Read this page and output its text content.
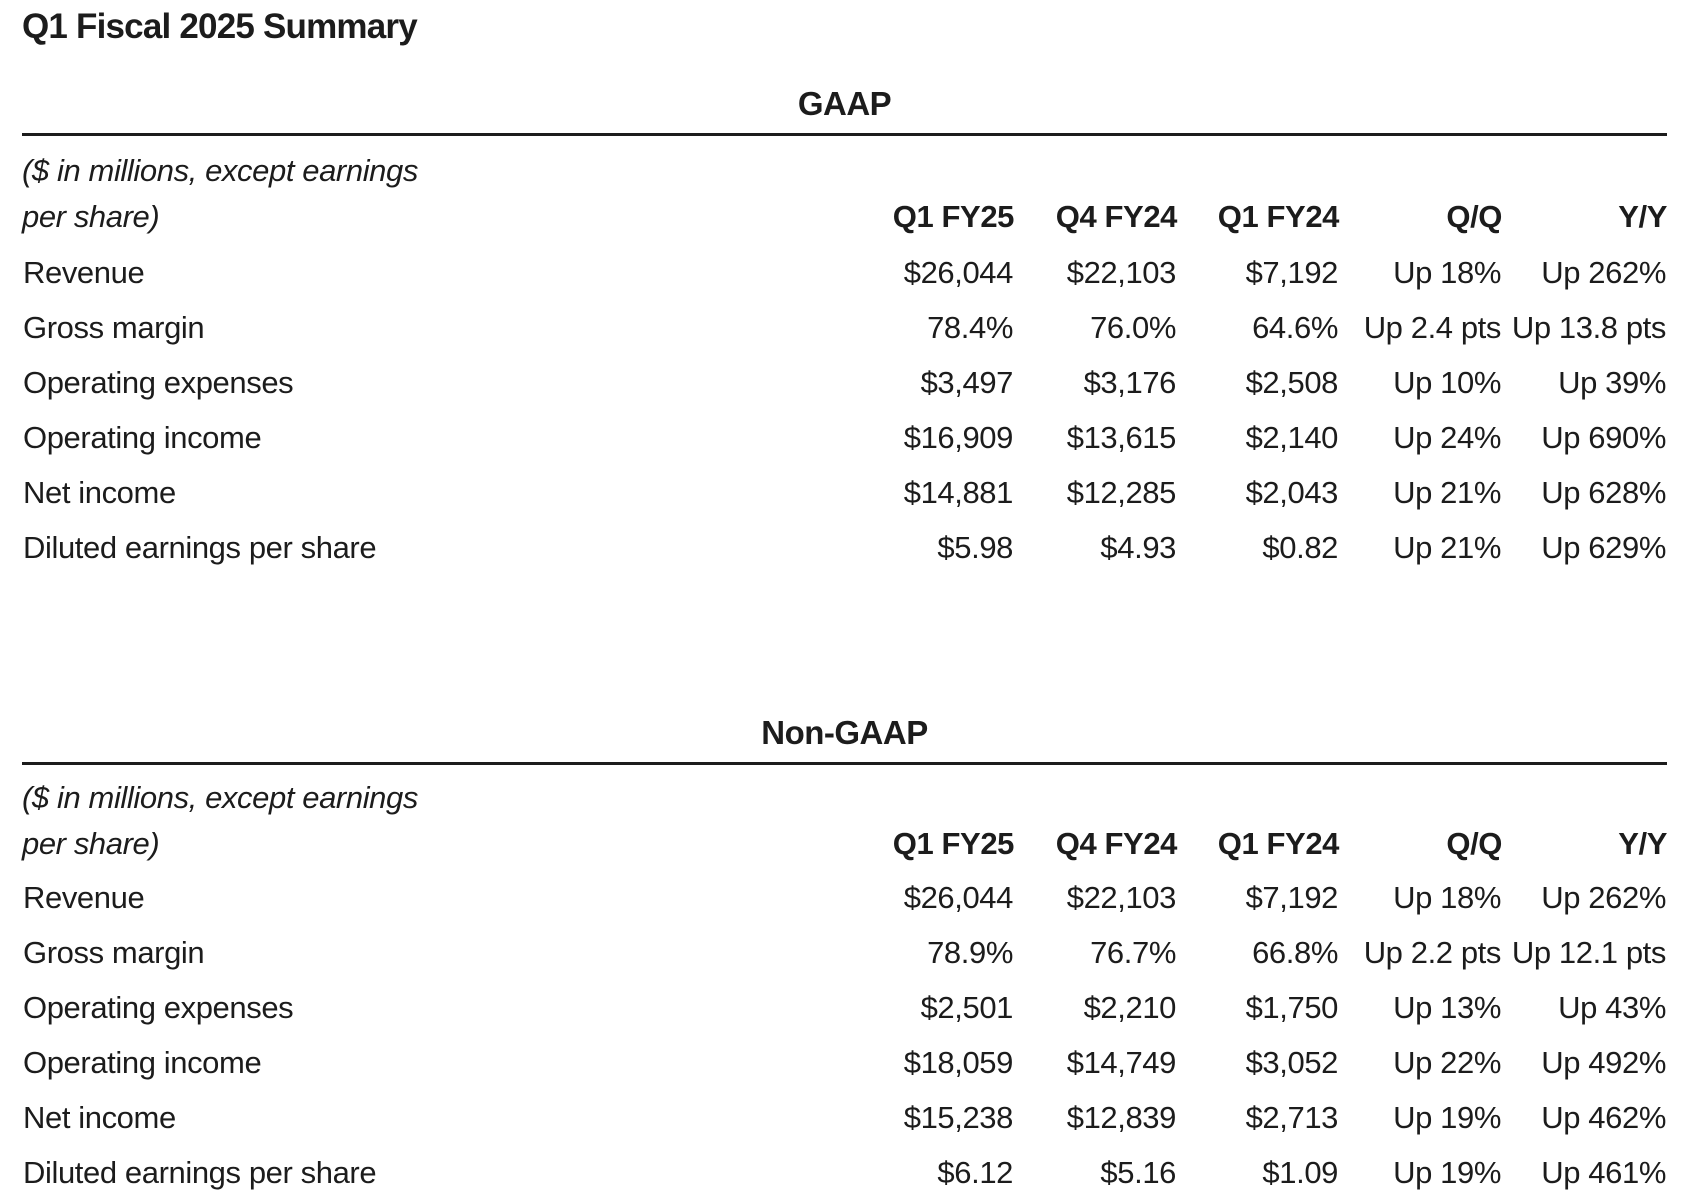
Q1 Fiscal 2025 Summary
GAAP
($ in millions, except earnings
per share)	Q1 FY25	Q4 FY24	Q1 FY24	Q/Q	Y/Y
Revenue	$26,044	$22,103	$7,192	Up 18%	Up 262%
Gross margin	78.4%	76.0%	64.6%	Up 2.4 pts	Up 13.8 pts
Operating expenses	$3,497	$3,176	$2,508	Up 10%	Up 39%
Operating income	$16,909	$13,615	$2,140	Up 24%	Up 690%
Net income	$14,881	$12,285	$2,043	Up 21%	Up 628%
Diluted earnings per share	$5.98	$4.93	$0.82	Up 21%	Up 629%
Non-GAAP
($ in millions, except earnings
per share)	Q1 FY25	Q4 FY24	Q1 FY24	Q/Q	Y/Y
Revenue	$26,044	$22,103	$7,192	Up 18%	Up 262%
Gross margin	78.9%	76.7%	66.8%	Up 2.2 pts	Up 12.1 pts
Operating expenses	$2,501	$2,210	$1,750	Up 13%	Up 43%
Operating income	$18,059	$14,749	$3,052	Up 22%	Up 492%
Net income	$15,238	$12,839	$2,713	Up 19%	Up 462%
Diluted earnings per share	$6.12	$5.16	$1.09	Up 19%	Up 461%
